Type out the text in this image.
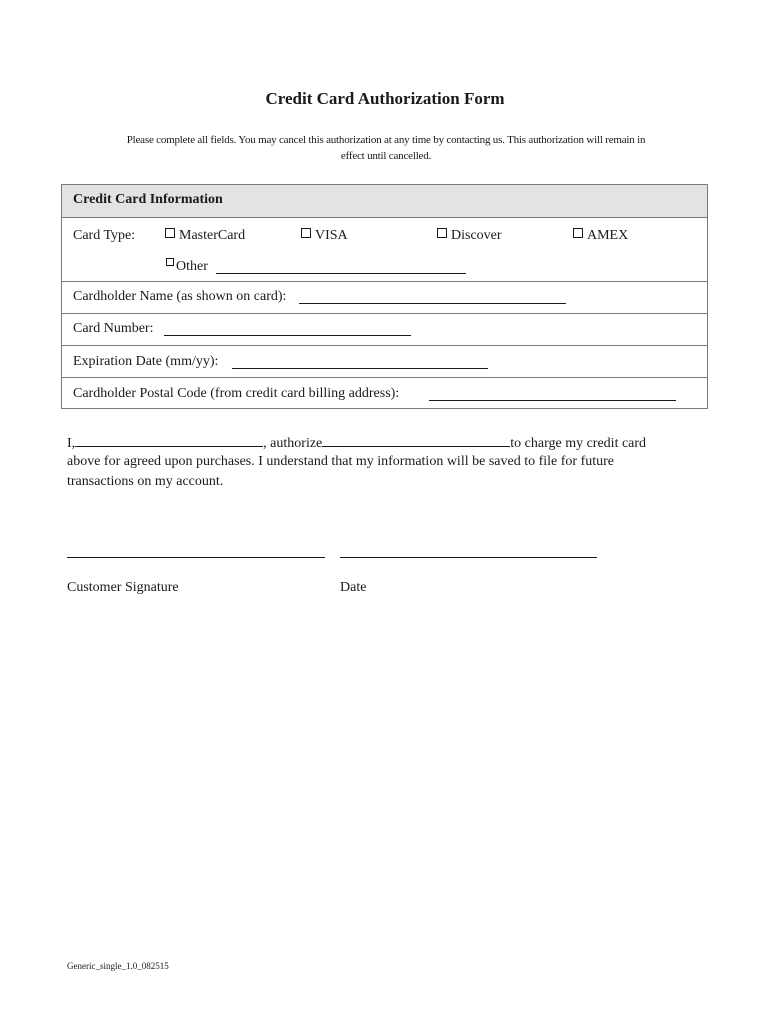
Credit Card Authorization Form
Please complete all fields. You may cancel this authorization at any time by contacting us. This authorization will remain in
effect until cancelled.
Credit Card Information
Card Type:	MasterCard	VISA	Discover	AMEX
Other
Cardholder Name (as shown on card):
Card Number:
Expiration Date (mm/yy):
Cardholder Postal Code (from credit card billing address):
I,	, authorize	to charge my credit card
above for agreed upon purchases. I understand that my information will be saved to file for future
transactions on my account.
Customer Signature	Date
Generic_single_1.0_082515
